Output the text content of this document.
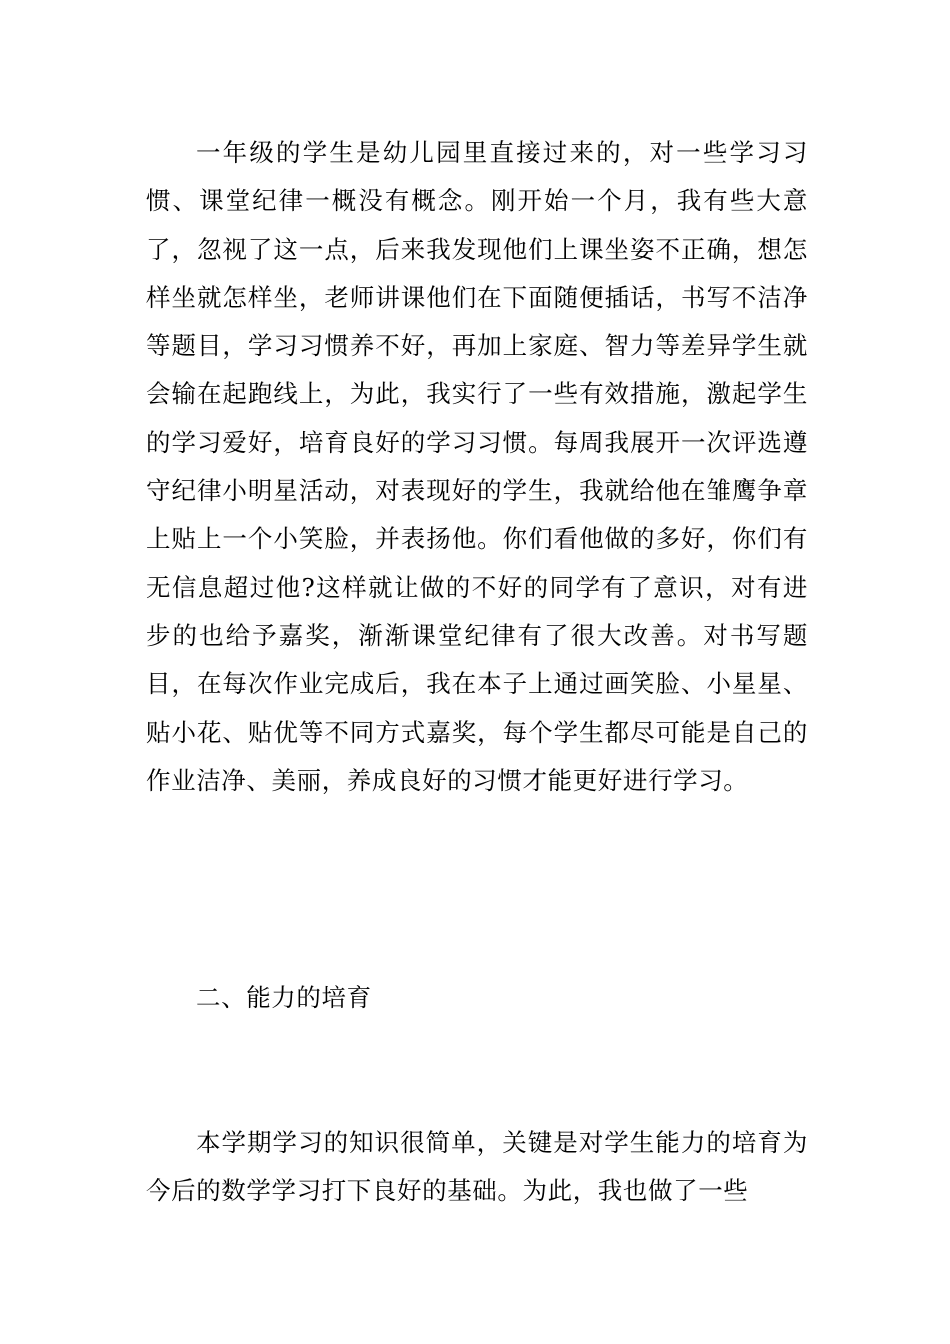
一年级的学生是幼儿园里直接过来的，对一些学习习惯、课堂纪律一概没有概念。刚开始一个月，我有些大意了，忽视了这一点，后来我发现他们上课坐姿不正确，想怎样坐就怎样坐，老师讲课他们在下面随便插话，书写不洁净等题目，学习习惯养不好，再加上家庭、智力等差异学生就会输在起跑线上，为此，我实行了一些有效措施，激起学生的学习爱好，培育良好的学习习惯。每周我展开一次评选遵守纪律小明星活动，对表现好的学生，我就给他在雏鹰争章上贴上一个小笑脸，并表扬他。你们看他做的多好，你们有无信息超过他?这样就让做的不好的同学有了意识，对有进步的也给予嘉奖，渐渐课堂纪律有了很大改善。对书写题目，在每次作业完成后，我在本子上通过画笑脸、小星星、贴小花、贴优等不同方式嘉奖，每个学生都尽可能是自己的作业洁净、美丽，养成良好的习惯才能更好进行学习。

二、能力的培育

本学期学习的知识很简单，关键是对学生能力的培育为今后的数学学习打下良好的基础。为此，我也做了一些
